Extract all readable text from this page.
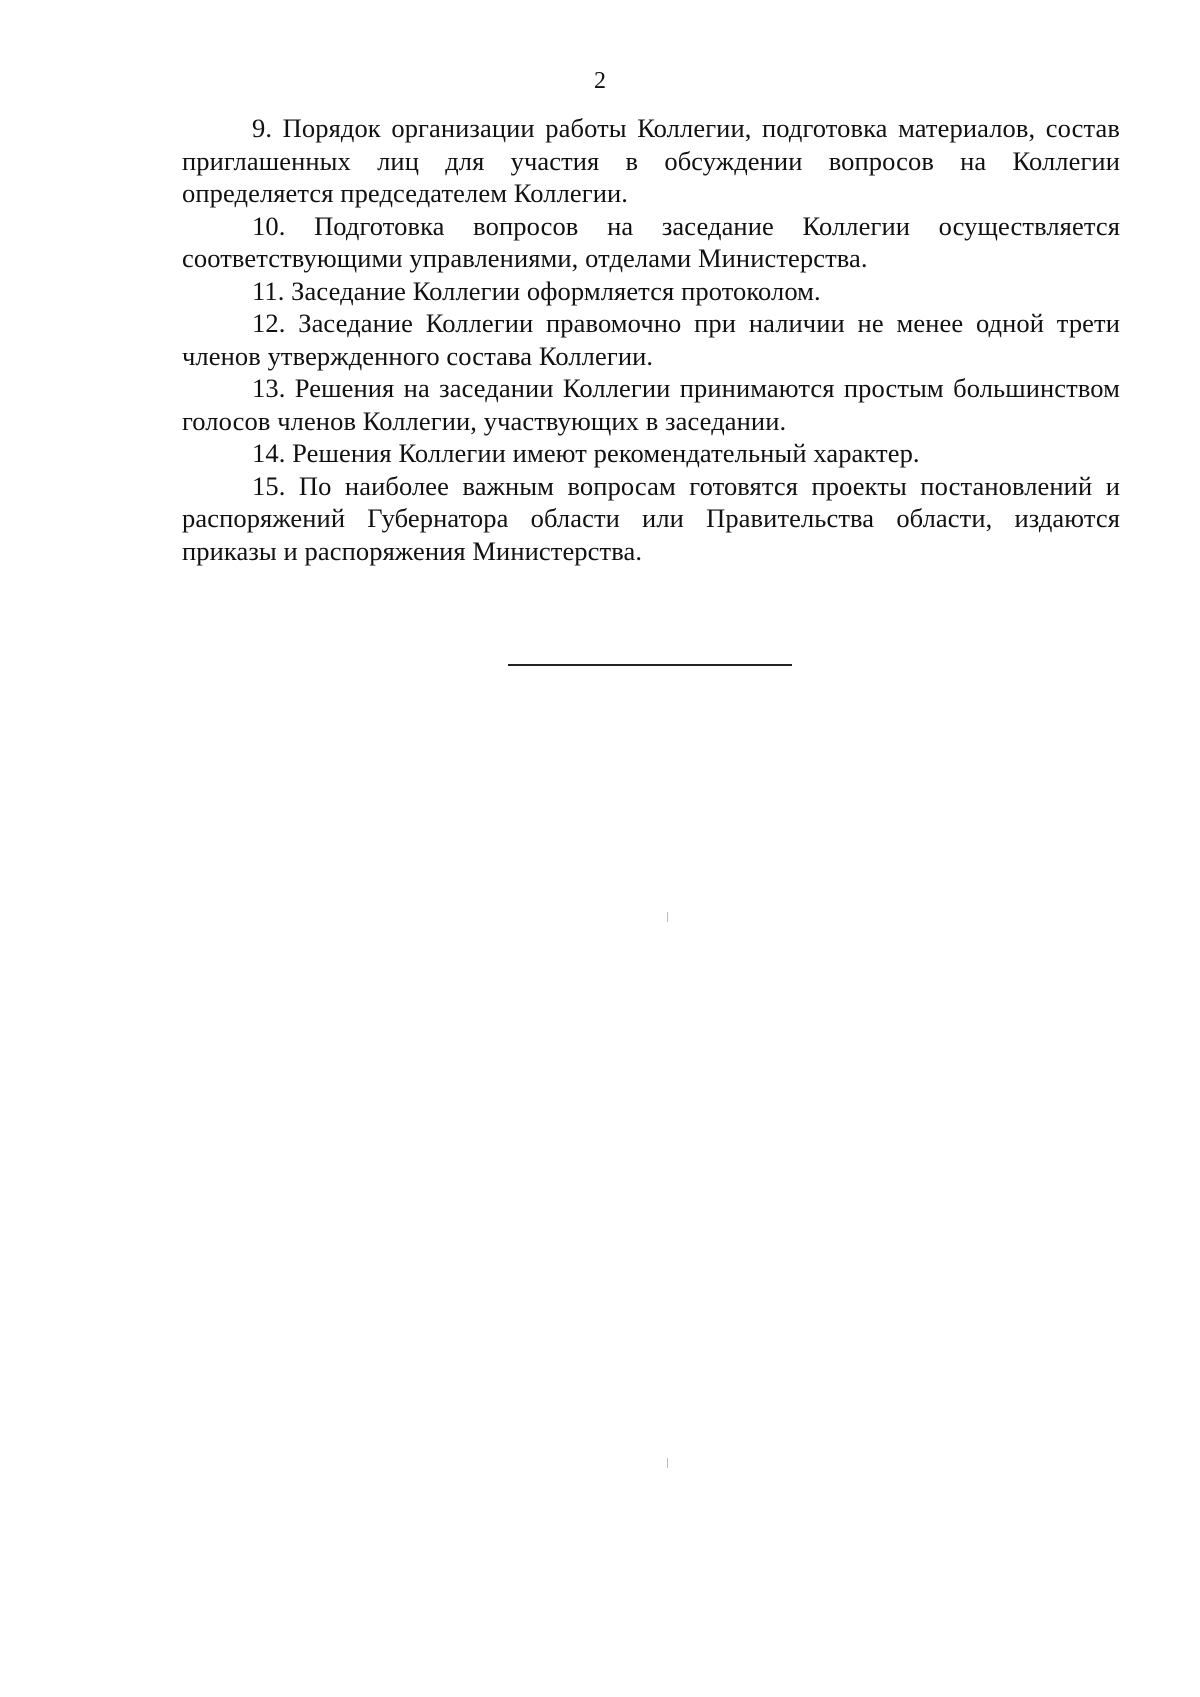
2

9. Порядок организации работы Коллегии, подготовка материалов, состав приглашенных лиц для участия в обсуждении вопросов на Коллегии определяется председателем Коллегии.

10. Подготовка вопросов на заседание Коллегии осуществляется соответствующими управлениями, отделами Министерства.

11. Заседание Коллегии оформляется протоколом.

12. Заседание Коллегии правомочно при наличии не менее одной трети членов утвержденного состава Коллегии.

13. Решения на заседании Коллегии принимаются простым большинством голосов членов Коллегии, участвующих в заседании.

14. Решения Коллегии имеют рекомендательный характер.

15. По наиболее важным вопросам готовятся проекты постановлений и распоряжений Губернатора области или Правительства области, издаются приказы и распоряжения Министерства.
